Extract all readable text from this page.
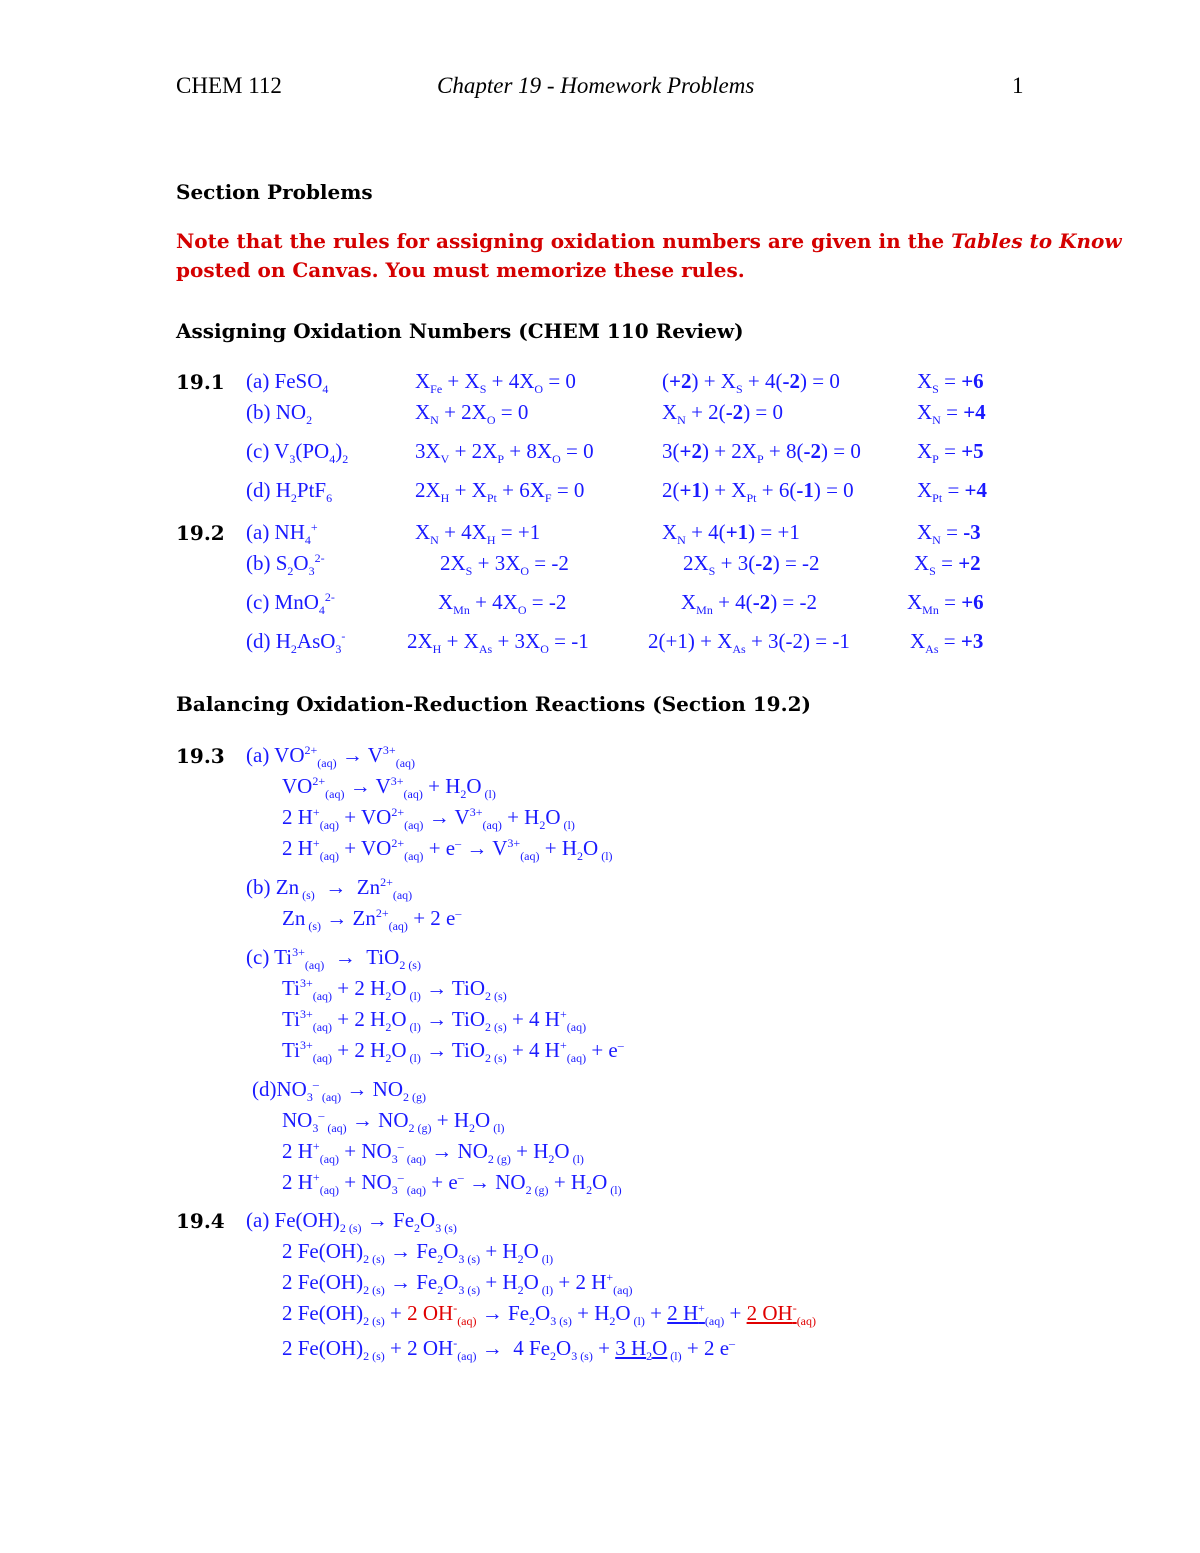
CHEM 112	Chapter 19 - Homework Problems	1
Section Problems
Note that the rules for assigning oxidation numbers are given in the Tables to Know
posted on Canvas. You must memorize these rules.
Assigning Oxidation Numbers (CHEM 110 Review)
19.1 (a) FeSO$_4$	$X_{Fe} + X_S + 4X_O = 0$	$(+2) + X_S + 4(-2) = 0$	$X_S = +6$
(b) $NO_2$	$X_N + 2X_O = 0$	$X_N + 2(-2) = 0$	$X_N = +4$
(c) $V_3(PO_4)_2$	$3X_V + 2X_P + 8X_O = 0$	$3(+2) + 2X_P + 8(-2) = 0$	$X_P = +5$
(d) $H_2PtF_6$	$2X_H + X_{Pt} + 6X_F = 0$	$2(+1) + X_{Pt} + 6(-1) = 0$	$X_{Pt} = +4$
19.2 (a) $NH_4^+$	$X_N + 4X_H = +1$	$X_N + 4(+1) = +1$	$X_N = -3$
(b) $S_2O_3^{2-}$	$2X_S + 3X_O = -2$	$2X_S + 3(-2) = -2$	$X_S = +2$
(c) MnO$_4^{2-}$	$X_{Mn} + 4X_O = -2$	$X_{Mn} + 4(-2) = -2$	$X_{Mn} = +6$
(d) $H_2AsO_3^-$	$2X_H + X_{As} + 3X_O = -1$	$2(+1) + X_{As} + 3(-2) = -1$	$X_{As} = +3$
Balancing Oxidation-Reduction Reactions (Section 19.2)
19.3 (a) $VO^{2+}_{(aq)} \to V^{3+}_{(aq)}$
$VO^{2+}_{(aq)} \to V^{3+}_{(aq)} + H_2O$ $_{(l)}$
2 $H^+_{(aq)} + VO^{2+}_{(aq)} \to V^{3+}_{(aq)} + H_2O$ $_{(l)}$
2 $H^+_{(aq)} + VO^{2+}_{(aq)} + e^- \to V^{3+}_{(aq)} + H_2O$ $_{(l)}$
(b) Zn $_{(s)} \to Zn^{2+}_{(aq)}$
Zn $_{(s)} \to Zn^{2+}_{(aq)} + 2$ e–
(c) $Ti^{3+}_{(aq)} \to TiO_{2 (s)}$
$Ti^{3+}_{(aq)} + 2$ $H_2O$ $_{(l)}$ → TiO$_{2 (s)}$
$Ti^{3+}_{(aq)} + 2$ $H_2O$ $_{(l)}$ → TiO$_{2 (s)}$ + 4 $H^+_{(aq)}$
$Ti^{3+}_{(aq)} + 2$ $H_2O$ $_{(l)}$ → TiO$_{2 (s)}$ + 4 $H^+_{(aq)} + e^-$
$(d)NO_3^-$ $_{(aq)} \to NO_{2 (g)}$
$NO_3^-$ $_{(aq)} \to NO_{2 (g)} + H_2O$ $_{(l)}$
2 $H^+_{(aq)} + NO_3^-$ $_{(aq)} \to NO_{2 (g)} + H_2O$ $_{(l)}$
2 $H^+_{(aq)} + NO_3^-$ $_{(aq)} + e^- \to NO_{2 (g)} + H_2O$ $_{(l)}$
19.4 (a) $Fe(OH)_{2 (s)} \to Fe_2O_{3 (s)}$
2 $Fe(OH)_{2 (s)} \to Fe_2O_{3 (s)} + H_2O$ $_{(l)}$
2 $Fe(OH)_{2 (s)} \to Fe_2O_{3 (s)} + H_2O$ $_{(l)}$ + 2 $H^+_{(aq)}$
2 $Fe(OH)_{2 (s)} + 2$ $OH^-_{(aq)} \to Fe_2O_{3 (s)} + H_2O$ $_{(l)}$ + 2 $H^+_{(aq)} + 2$ $OH^-_{(aq)}$
2 $Fe(OH)_{2 (s)} + 2$ $OH^-_{(aq)} \to 4$ $Fe_2O_{3 (s)} + 3$ $H_2O$ $_{(l)}$ + 2 e–
